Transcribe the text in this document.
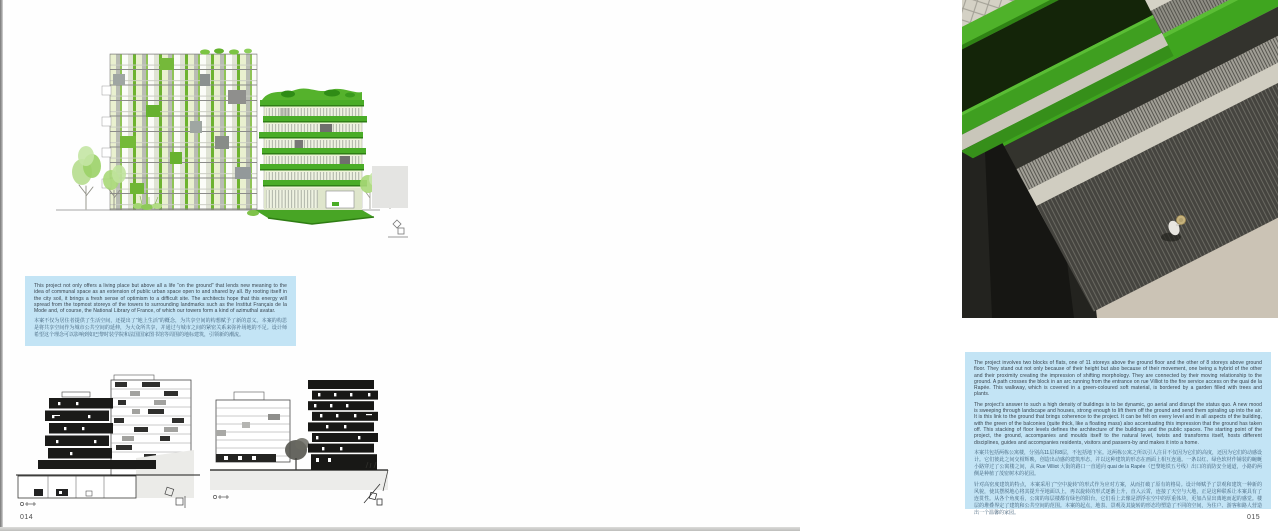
This project not only offers a living place but above all a life “on the ground” that lends new meaning to the idea of communal space as an extension of public urban space open to and shared by all. By rooting itself in the city soil, it brings a fresh sense of optimism to a difficult site. The architects hope that this energy will spread from the topmost storeys of the towers to surrounding landmarks such as the Institut Français de la Mode and, of course, the National Library of France, of which our towers form a kind of azimuthal avatar.

本案不仅为居住者提供了生活空间，还提出了“地上生活”的概念，为共享空间的构想赋予了新的意义。本案的构思是将共享空间作为城市公共空间的延伸，为大众所共享，并通过与城市之间的紧密关系来弥补场地的不足。设计师希望这个理念可以影响到如巴黎时装学院和法国国家图书馆等周围的地标建筑，引领新的潮流。

014

The project involves two blocks of flats, one of 11 storeys above the ground floor and the other of 8 storeys above ground floor. They stand out not only because of their height but also because of their movement, one being a hybrid of the other and their proximity creating the impression of shifting morphology. They are connected by their moving relationship to the ground. A path crosses the block in an arc running from the entrance on rue Villiot to the fire service access on the quai de la Rapée. This walkway, which is covered in a green-coloured soft material, is bordered by a garden filled with trees and plants.

The project’s answer to such a high density of buildings is to be dynamic, go aerial and disrupt the status quo. A new mood is sweeping through landscape and houses, strong enough to lift them off the ground and send them spiraling up into the air. It is this link to the ground that brings coherence to the project. It can be felt on every level and in all aspects of the building, with the green of the balconies (quite thick, like a floating mass) also accentuating this impression that the ground has taken off. This stacking of floor levels defines the architecture of the buildings and the public spaces. The starting point of the project, the ground, accompanies and moulds itself to the natural level, twists and transforms itself, hosts different disciplines, guides and accompanies residents, visitors and passers-by and makes it into a home.

本案共包括两栋公寓楼，分别高11层和8层，不包括地下室。这两栋公寓之所以引人注目不仅因为它们的高度，还因为它们的动感设计。它们彼此之间交相辉映，创造出动感的建筑形态，并以这种建筑的形态在画面上相互连通。一条以红、绿色软材作铺装的蜿蜒小路穿过了公寓楼之间，从 Rue Villiot 大街的路口一直通向 quai de la Rapée（巴黎地铁五号线）出口的消防安全通道，小路的两侧是种植了茂密树木的花园。

针对高密度建筑的特点，本案采用了“空中旋转”的形式作为应对方案，从而打破了原有的格局。设计师赋予了景观和建筑一种新的风貌，使其摆脱地心将其提升至地面以上，再以旋转的形式逐渐上升，直入云霄，连接了天空与大地，正是这种联系让本案具有了连贯性。从各个角度看，公寓的每层楼都有绿色的阳台，它们看上去像是漂浮在空中的厚重体块，更加凸显出离地而起的感觉。楼层的堆叠界定了建筑和公共空间的范围。本案的起点，地表、景观及其旋转的形态均塑造了不同的空间，为住户、游客和路人营造出一个温馨的家园。

015
